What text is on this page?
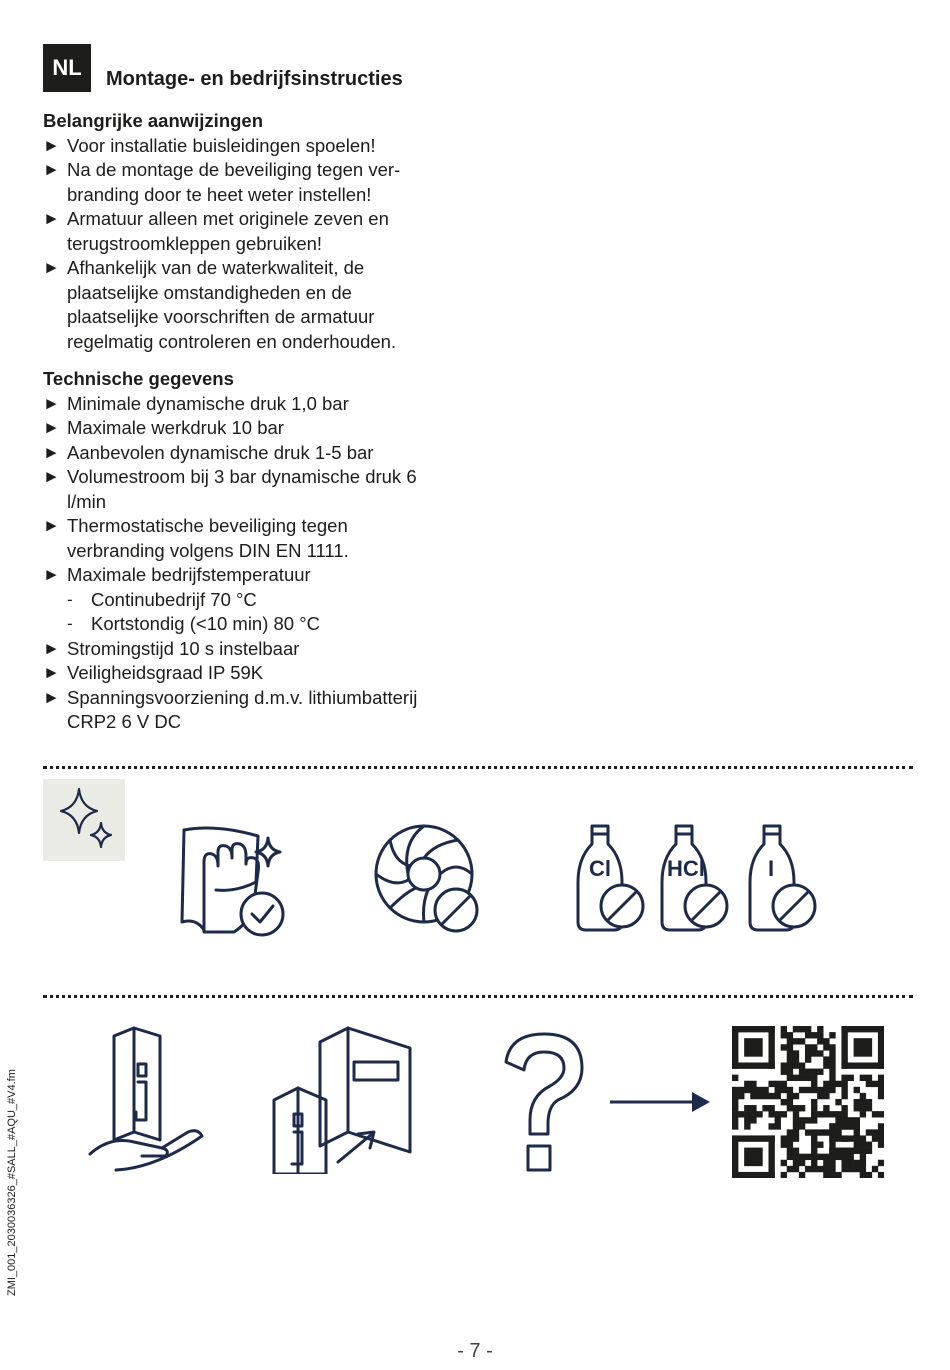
NL	Montage- en bedrijfsinstructies
Belangrijke aanwijzingen
► Voor installatie buisleidingen spoelen!
► Na de montage de beveiliging tegen ver-branding door te heet weter instellen!
► Armatuur alleen met originele zeven en terugstroomkleppen gebruiken!
► Afhankelijk van de waterkwaliteit, de plaatselijke omstandigheden en de plaatselijke voorschriften de armatuur regelmatig controleren en onderhouden.
Technische gegevens
► Minimale dynamische druk 1,0 bar
► Maximale werkdruk 10 bar
► Aanbevolen dynamische druk 1-5 bar
► Volumestroom bij 3 bar dynamische druk 6 l/min
► Thermostatische beveiliging tegen verbranding volgens DIN EN 1111.
► Maximale bedrijfstemperatuur
- Continubedrijf 70 °C
- Kortstondig (<10 min) 80 °C
► Stromingstijd 10 s instelbaar
► Veiligheidsgraad IP 59K
► Spanningsvoorziening d.m.v. lithiumbatterij CRP2 6 V DC
Cl	HCl	I
ZMI_001_2030036326_#SALL_#AQU_#V4.fm
- 7 -
